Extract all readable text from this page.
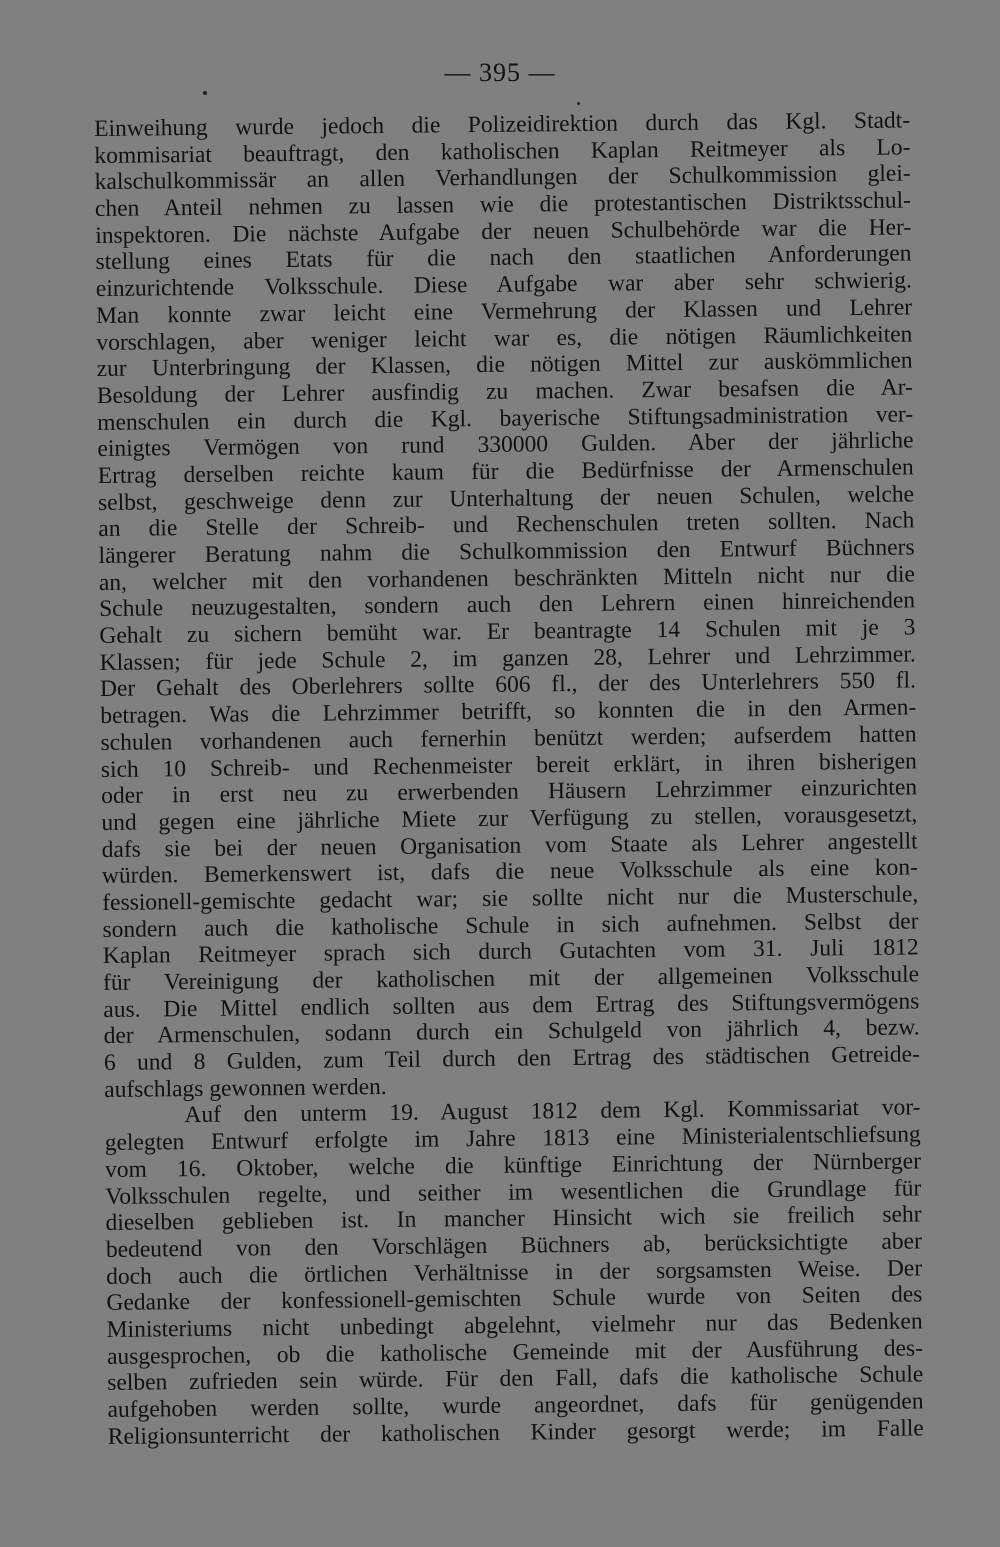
— 395 —
Einweihung wurde jedoch die Polizeidirektion durch das Kgl. Stadt-
kommisariat beauftragt, den katholischen Kaplan Reitmeyer als Lo-
kalschulkommissär an allen Verhandlungen der Schulkommission glei-
chen Anteil nehmen zu lassen wie die protestantischen Distriktsschul-
inspektoren. Die nächste Aufgabe der neuen Schulbehörde war die Her-
stellung eines Etats für die nach den staatlichen Anforderungen
einzurichtende Volksschule. Diese Aufgabe war aber sehr schwierig.
Man konnte zwar leicht eine Vermehrung der Klassen und Lehrer
vorschlagen, aber weniger leicht war es, die nötigen Räumlichkeiten
zur Unterbringung der Klassen, die nötigen Mittel zur auskömmlichen
Besoldung der Lehrer ausfindig zu machen. Zwar besafsen die Ar-
menschulen ein durch die Kgl. bayerische Stiftungsadministration ver-
einigtes Vermögen von rund 330000 Gulden. Aber der jährliche
Ertrag derselben reichte kaum für die Bedürfnisse der Armenschulen
selbst, geschweige denn zur Unterhaltung der neuen Schulen, welche
an die Stelle der Schreib- und Rechenschulen treten sollten. Nach
längerer Beratung nahm die Schulkommission den Entwurf Büchners
an, welcher mit den vorhandenen beschränkten Mitteln nicht nur die
Schule neuzugestalten, sondern auch den Lehrern einen hinreichenden
Gehalt zu sichern bemüht war. Er beantragte 14 Schulen mit je 3
Klassen; für jede Schule 2, im ganzen 28, Lehrer und Lehrzimmer.
Der Gehalt des Oberlehrers sollte 606 fl., der des Unterlehrers 550 fl.
betragen. Was die Lehrzimmer betrifft, so konnten die in den Armen-
schulen vorhandenen auch fernerhin benützt werden; aufserdem hatten
sich 10 Schreib- und Rechenmeister bereit erklärt, in ihren bisherigen
oder in erst neu zu erwerbenden Häusern Lehrzimmer einzurichten
und gegen eine jährliche Miete zur Verfügung zu stellen, vorausgesetzt,
dafs sie bei der neuen Organisation vom Staate als Lehrer angestellt
würden. Bemerkenswert ist, dafs die neue Volksschule als eine kon-
fessionell-gemischte gedacht war; sie sollte nicht nur die Musterschule,
sondern auch die katholische Schule in sich aufnehmen. Selbst der
Kaplan Reitmeyer sprach sich durch Gutachten vom 31. Juli 1812
für Vereinigung der katholischen mit der allgemeinen Volksschule
aus. Die Mittel endlich sollten aus dem Ertrag des Stiftungsvermögens
der Armenschulen, sodann durch ein Schulgeld von jährlich 4, bezw.
6 und 8 Gulden, zum Teil durch den Ertrag des städtischen Getreide-
aufschlags gewonnen werden.
Auf den unterm 19. August 1812 dem Kgl. Kommissariat vor-
gelegten Entwurf erfolgte im Jahre 1813 eine Ministerialentschliefsung
vom 16. Oktober, welche die künftige Einrichtung der Nürnberger
Volksschulen regelte, und seither im wesentlichen die Grundlage für
dieselben geblieben ist. In mancher Hinsicht wich sie freilich sehr
bedeutend von den Vorschlägen Büchners ab, berücksichtigte aber
doch auch die örtlichen Verhältnisse in der sorgsamsten Weise. Der
Gedanke der konfessionell-gemischten Schule wurde von Seiten des
Ministeriums nicht unbedingt abgelehnt, vielmehr nur das Bedenken
ausgesprochen, ob die katholische Gemeinde mit der Ausführung des-
selben zufrieden sein würde. Für den Fall, dafs die katholische Schule
aufgehoben werden sollte, wurde angeordnet, dafs für genügenden
Religionsunterricht der katholischen Kinder gesorgt werde; im Falle
